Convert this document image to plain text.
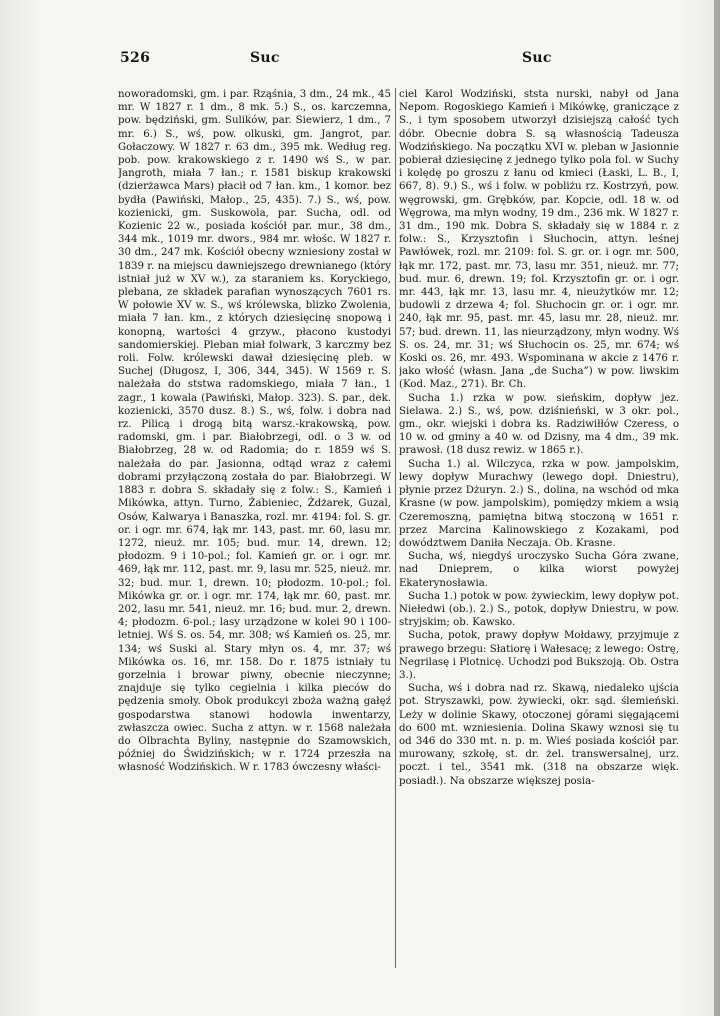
526	Suc	Suc

noworadomski, gm. i par. Rząśnia, 3 dm., 24 mk., 45 mr. W 1827 r. 1 dm., 8 mk. 5.) S., os. karczemna, pow. będziński, gm. Sulików, par. Siewierz, 1 dm., 7 mr. 6.) S., wś, pow. olkuski, gm. Jangrot, par. Gołaczowy. W 1827 r. 63 dm., 395 mk. Według reg. pob. pow. krakowskiego z r. 1490 wś S., w par. Jangroth, miała 7 łan.; r. 1581 biskup krakowski (dzierżawca Mars) płacił od 7 łan. km., 1 komor. bez bydła (Pawiński, Małop., 25, 435). 7.) S., wś, pow. kozienicki, gm. Suskowola, par. Sucha, odl. od Kozienic 22 w., posiada kościół par. mur., 38 dm., 344 mk., 1019 mr. dwors., 984 mr. włośc. W 1827 r. 30 dm., 247 mk. Kościół obecny wzniesiony został w 1839 r. na miejscu dawniejszego drewnianego (który istniał już w XV w.), za staraniem ks. Koryckiego, plebana, ze składek parafian wynoszących 7601 rs. W połowie XV w. S., wś królewska, blizko Zwolenia, miała 7 łan. km., z których dziesięcinę snopową i konopną, wartości 4 grzyw., płacono kustodyi sandomierskiej. Pleban miał folwark, 3 karczmy bez roli. Folw. królewski dawał dziesięcinę pleb. w Suchej (Długosz, I, 306, 344, 345). W 1569 r. S. należała do ststwa radomskiego, miała 7 łan., 1 zagr., 1 kowala (Pawiński, Małop. 323). S. par., dek. kozienicki, 3570 dusz. 8.) S., wś, folw. i dobra nad rz. Pilicą i drogą bitą warsz.-krakowską, pow. radomski, gm. i par. Białobrzegi, odl. o 3 w. od Białobrzeg, 28 w. od Radomia; do r. 1859 wś S. należała do par. Jasionna, odtąd wraz z całemi dobrami przyłączoną została do par. Białobrzegi. W 1883 r. dobra S. składały się z folw.: S., Kamień i Mikówka, attyn. Turno, Żabieniec, Żdżarek, Guzal, Osów, Kalwarya i Banaszka, rozl. mr. 4194: fol. S. gr. or. i ogr. mr. 674, łąk mr. 143, past. mr. 60, lasu mr. 1272, nieuż. mr. 105; bud. mur. 14, drewn. 12; płodozm. 9 i 10-pol.; fol. Kamień gr. or. i ogr. mr. 469, łąk mr. 112, past. mr. 9, lasu mr. 525, nieuż. mr. 32; bud. mur. 1, drewn. 10; płodozm. 10-pol.; fol. Mikówka gr. or. i ogr. mr. 174, łąk mr. 60, past. mr. 202, lasu mr. 541, nieuż. mr. 16; bud. mur. 2, drewn. 4; płodozm. 6-pol.; lasy urządzone w kolei 90 i 100-letniej. Wś S. os. 54, mr. 308; wś Kamień os. 25, mr. 134; wś Suski al. Stary młyn os. 4, mr. 37; wś Mikówka os. 16, mr. 158. Do r. 1875 istniały tu gorzelnia i browar piwny, obecnie nieczynne; znajduje się tylko cegielnia i kilka pieców do pędzenia smoły. Obok produkcyi zboża ważną gałęź gospodarstwa stanowi hodowla inwentarzy, zwłaszcza owiec. Sucha z attyn. w r. 1568 należała do Olbrachta Byliny, następnie do Szamowskich, później do Świdzińskich; w r. 1724 przeszła na własność Wodzińskich. W r. 1783 ówczesny właści-

ciel Karol Wodziński, ststa nurski, nabył od Jana Nepom. Rogoskiego Kamień i Mikówkę, graniczące z S., i tym sposobem utworzył dzisiejszą całość tych dóbr. Obecnie dobra S. są własnością Tadeusza Wodzińskiego. Na początku XVI w. pleban w Jasionnie pobierał dziesięcinę z jednego tylko pola fol. w Suchy i kolędę po groszu z łanu od kmieci (Łaski, L. B., I, 667, 8). 9.) S., wś i folw. w pobliżu rz. Kostrzyń, pow. węgrowski, gm. Grębków, par. Kopcie, odl. 18 w. od Węgrowa, ma młyn wodny, 19 dm., 236 mk. W 1827 r. 31 dm., 190 mk. Dobra S. składały się w 1884 r. z folw.: S., Krzysztofin i Słuchocin, attyn. leśnej Pawłówek, rozl. mr. 2109: fol. S. gr. or. i ogr. mr. 500, łąk mr. 172, past. mr. 73, lasu mr. 351, nieuż. mr. 77; bud. mur. 6, drewn. 19; fol. Krzysztofin gr. or. i ogr. mr. 443, łąk mr. 13, lasu mr. 4, nieużytków mr. 12; budowli z drzewa 4; fol. Słuchocin gr. or. i ogr. mr. 240, łąk mr. 95, past. mr. 45, lasu mr. 28, nieuż. mr. 57; bud. drewn. 11, las nieurządzony, młyn wodny. Wś S. os. 24, mr. 31; wś Słuchocin os. 25, mr. 674; wś Koski os. 26, mr. 493. Wspominana w akcie z 1476 r. jako włość (własn. Jana „de Sucha”) w pow. liwskim (Kod. Maz., 271). Br. Ch.

Sucha 1.) rzka w pow. sieńskim, dopływ jez. Sielawa. 2.) S., wś, pow. dziśnieński, w 3 okr. pol., gm., okr. wiejski i dobra ks. Radziwiłłów Czeress, o 10 w. od gminy a 40 w. od Dzisny, ma 4 dm., 39 mk. prawosł. (18 dusz rewiz. w 1865 r.).

Sucha 1.) al. Wilczyca, rzka w pow. jampolskim, lewy dopływ Murachwy (lewego dopł. Dniestru), płynie przez Dżuryn. 2.) S., dolina, na wschód od mka Krasne (w pow. jampolskim), pomiędzy mkiem a wsią Czeremoszną, pamiętna bitwą stoczoną w 1651 r. przez Marcina Kalinowskiego z Kozakami, pod dowództwem Daniła Neczaja. Ob. Krasne.

Sucha, wś, niegdyś uroczysko Sucha Góra zwane, nad Dnieprem, o kilka wiorst powyżej Ekaterynosławia.

Sucha 1.) potok w pow. żywieckim, lewy dopływ pot. Niełedwi (ob.). 2.) S., potok, dopływ Dniestru, w pow. stryjskim; ob. Kawsko.

Sucha, potok, prawy dopływ Mołdawy, przyjmuje z prawego brzegu: Słatiorę i Wałesacę; z lewego: Ostrę, Negrilasę i Plotnicę. Uchodzi pod Bukszoją. Ob. Ostra 3.).

Sucha, wś i dobra nad rz. Skawą, niedaleko ujścia pot. Stryszawki, pow. żywiecki, okr. sąd. ślemieński. Leży w dolinie Skawy, otoczonej górami sięgającemi do 600 mt. wzniesienia. Dolina Skawy wznosi się tu od 346 do 330 mt. n. p. m. Wieś posiada kościół par. murowany, szkołę, st. dr. żel. transwersalnej, urz. poczt. i tel., 3541 mk. (318 na obszarze więk. posiadł.). Na obszarze większej posia-
